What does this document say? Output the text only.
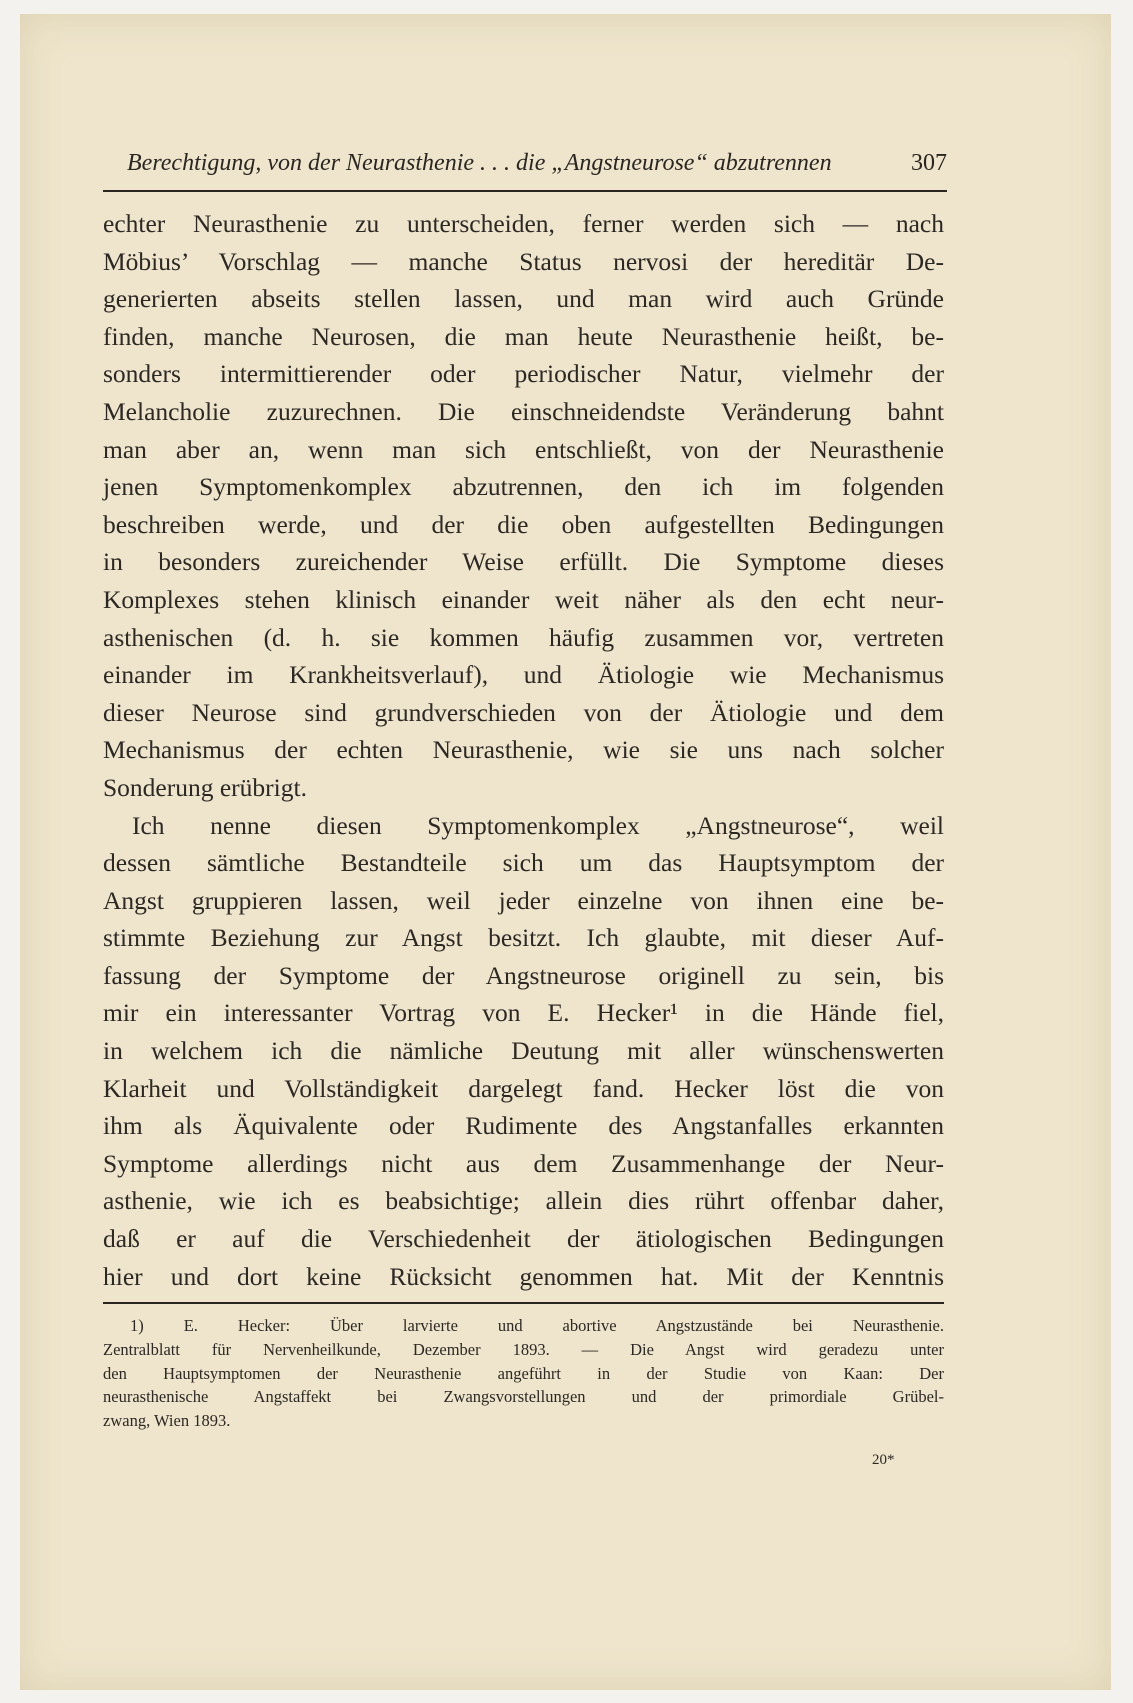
Berechtigung, von der Neurasthenie . . . die „Angstneurose“ abzutrennen	307
echter Neurasthenie zu unterscheiden, ferner werden sich — nach
Möbius’ Vorschlag — manche Status nervosi der hereditär De-
generierten abseits stellen lassen, und man wird auch Gründe
finden, manche Neurosen, die man heute Neurasthenie heißt, be-
sonders intermittierender oder periodischer Natur, vielmehr der
Melancholie zuzurechnen. Die einschneidendste Veränderung bahnt
man aber an, wenn man sich entschließt, von der Neurasthenie
jenen Symptomenkomplex abzutrennen, den ich im folgenden
beschreiben werde, und der die oben aufgestellten Bedingungen
in besonders zureichender Weise erfüllt. Die Symptome dieses
Komplexes stehen klinisch einander weit näher als den echt neur-
asthenischen (d. h. sie kommen häufig zusammen vor, vertreten
einander im Krankheitsverlauf), und Ätiologie wie Mechanismus
dieser Neurose sind grundverschieden von der Ätiologie und dem
Mechanismus der echten Neurasthenie, wie sie uns nach solcher
Sonderung erübrigt.
Ich nenne diesen Symptomenkomplex „Angstneurose“, weil
dessen sämtliche Bestandteile sich um das Hauptsymptom der
Angst gruppieren lassen, weil jeder einzelne von ihnen eine be-
stimmte Beziehung zur Angst besitzt. Ich glaubte, mit dieser Auf-
fassung der Symptome der Angstneurose originell zu sein, bis
mir ein interessanter Vortrag von E. Hecker¹ in die Hände fiel,
in welchem ich die nämliche Deutung mit aller wünschenswerten
Klarheit und Vollständigkeit dargelegt fand. Hecker löst die von
ihm als Äquivalente oder Rudimente des Angstanfalles erkannten
Symptome allerdings nicht aus dem Zusammenhange der Neur-
asthenie, wie ich es beabsichtige; allein dies rührt offenbar daher,
daß er auf die Verschiedenheit der ätiologischen Bedingungen
hier und dort keine Rücksicht genommen hat. Mit der Kenntnis
1) E. Hecker: Über larvierte und abortive Angstzustände bei Neurasthenie.
Zentralblatt für Nervenheilkunde, Dezember 1893. — Die Angst wird geradezu unter
den Hauptsymptomen der Neurasthenie angeführt in der Studie von Kaan: Der
neurasthenische Angstaffekt bei Zwangsvorstellungen und der primordiale Grübel-
zwang, Wien 1893.
20*
